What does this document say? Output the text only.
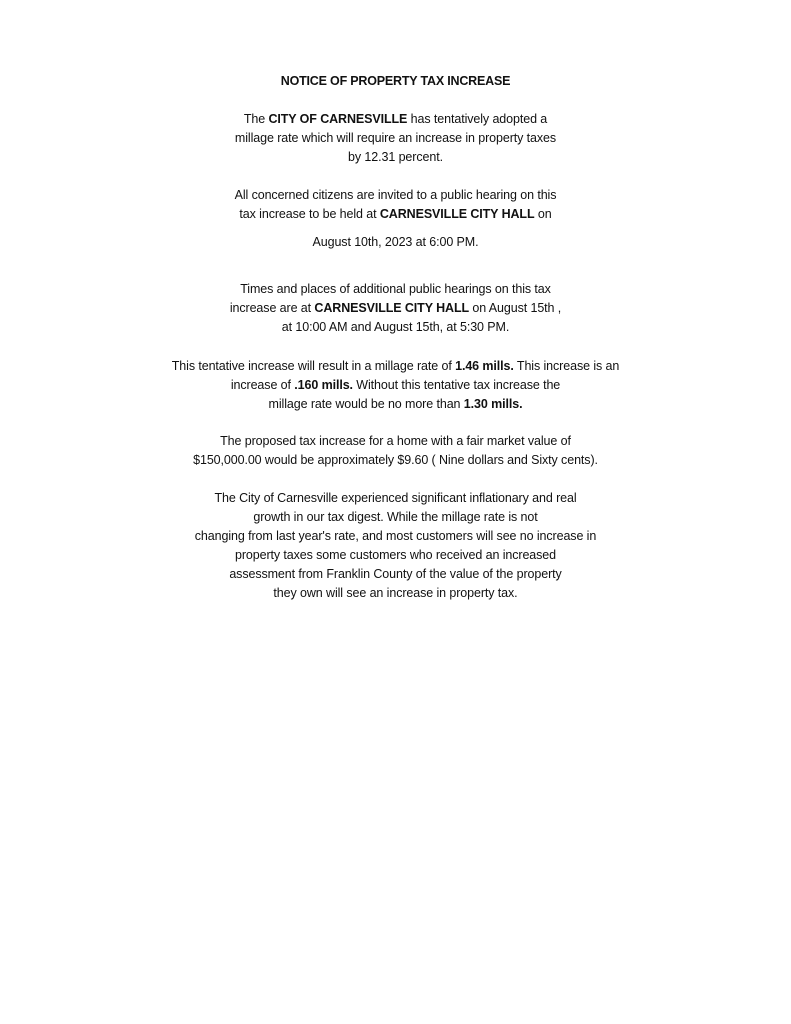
NOTICE OF PROPERTY TAX INCREASE
The CITY OF CARNESVILLE has tentatively adopted a
millage rate which will require an increase in property taxes
by 12.31 percent.
All concerned citizens are invited to a public hearing on this
tax increase to be held at CARNESVILLE CITY HALL on
August 10th, 2023 at 6:00 PM.
Times and places of additional public hearings on this tax
increase are at CARNESVILLE CITY HALL on August 15th ,
at 10:00 AM and August 15th, at 5:30 PM.
This tentative increase will result in a millage rate of 1.46 mills. This increase is an
increase of .160 mills. Without this tentative tax increase the
millage rate would be no more than 1.30 mills.
The proposed tax increase for a home with a fair market value of
$150,000.00 would be approximately $9.60 ( Nine dollars and Sixty cents).
The City of Carnesville experienced significant inflationary and real
growth in our tax digest. While the millage rate is not
changing from last year's rate, and most customers will see no increase in
property taxes some customers who received an increased
assessment from Franklin County of the value of the property
they own will see an increase in property tax.
